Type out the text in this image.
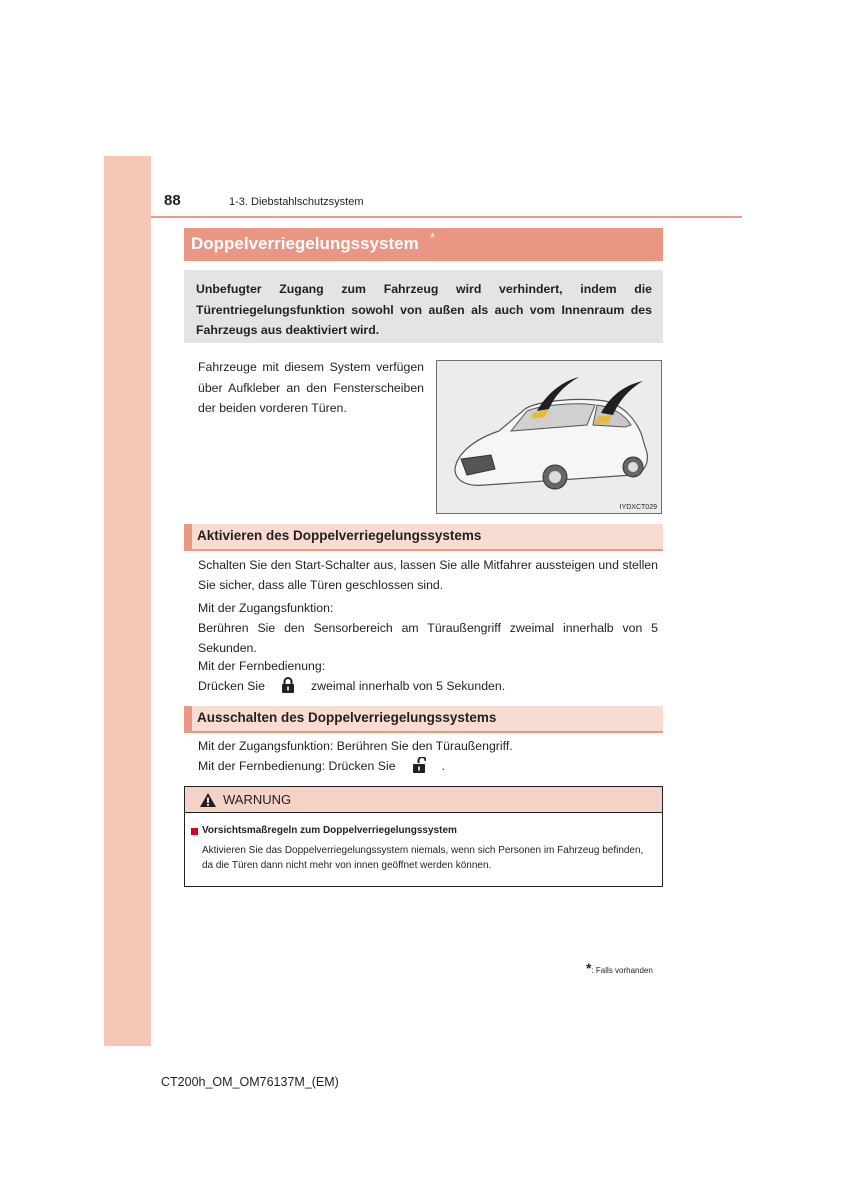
88	1-3. Diebstahlschutzsystem
Doppelverriegelungssystem *
Unbefugter Zugang zum Fahrzeug wird verhindert, indem die Türentriegelungsfunktion sowohl von außen als auch vom Innenraum des Fahrzeugs aus deaktiviert wird.
Fahrzeuge mit diesem System verfügen über Aufkleber an den Fensterscheiben der beiden vorderen Türen.
IYDXCT029
Aktivieren des Doppelverriegelungssystems
Schalten Sie den Start-Schalter aus, lassen Sie alle Mitfahrer aussteigen und stellen Sie sicher, dass alle Türen geschlossen sind.
Mit der Zugangsfunktion:
Berühren Sie den Sensorbereich am Türaußengriff zweimal innerhalb von 5 Sekunden.
Mit der Fernbedienung:
Drücken Sie	zweimal innerhalb von 5 Sekunden.
Ausschalten des Doppelverriegelungssystems
Mit der Zugangsfunktion: Berühren Sie den Türaußengriff.
Mit der Fernbedienung: Drücken Sie	.
WARNUNG
Vorsichtsmaßregeln zum Doppelverriegelungssystem
Aktivieren Sie das Doppelverriegelungssystem niemals, wenn sich Personen im Fahrzeug befinden, da die Türen dann nicht mehr von innen geöffnet werden können.
*: Falls vorhanden
CT200h_OM_OM76137M_(EM)
